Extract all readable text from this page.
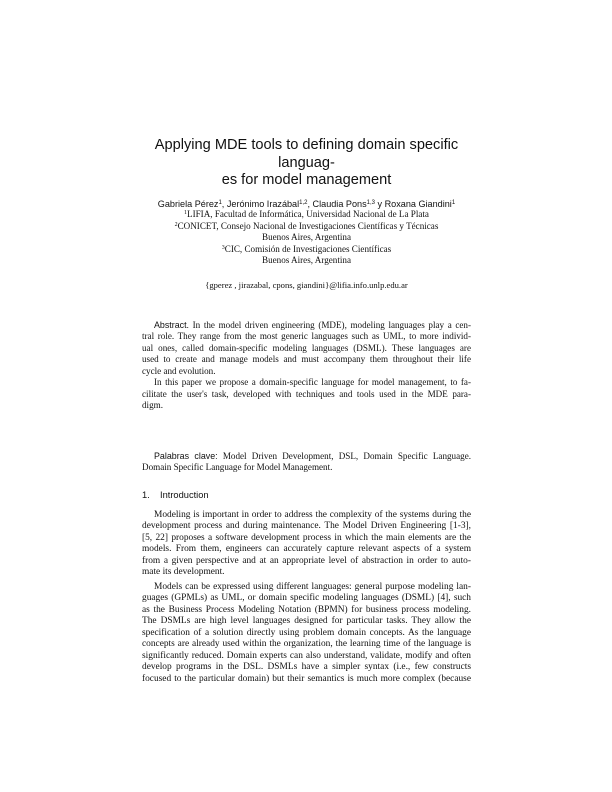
Applying MDE tools to defining domain specific languag-
es for model management
Gabriela Pérez$^1$, Jerónimo Irazábal$^{1,2}$, Claudia Pons$^{1,3}$ y Roxana Giandini$^1$
$^1$LIFIA, Facultad de Informática, Universidad Nacional de La Plata
$^2$CONICET, Consejo Nacional de Investigaciones Científicas y Técnicas
Buenos Aires, Argentina
$^3$CIC, Comisión de Investigaciones Científicas
Buenos Aires, Argentina
{gperez , jirazabal, cpons, giandini}@lifia.info.unlp.edu.ar

Abstract. In the model driven engineering (MDE), modeling languages play a cen-
tral role. They range from the most generic languages such as UML, to more individ-
ual ones, called domain-specific modeling languages (DSML). These languages are
used to create and manage models and must accompany them throughout their life
cycle and evolution.

In this paper we propose a domain-specific language for model management, to fa-
cilitate the user's task, developed with techniques and tools used in the MDE para-
digm.

Palabras clave: Model Driven Development, DSL, Domain Specific Language.
Domain Specific Language for Model Management.

1. Introduction

Modeling is important in order to address the complexity of the systems during the
development process and during maintenance. The Model Driven Engineering [1-3],
[5, 22] proposes a software development process in which the main elements are the
models. From them, engineers can accurately capture relevant aspects of a system
from a given perspective and at an appropriate level of abstraction in order to auto-
mate its development.

Models can be expressed using different languages: general purpose modeling lan-
guages (GPMLs) as UML, or domain specific modeling languages (DSML) [4], such
as the Business Process Modeling Notation (BPMN) for business process modeling.
The DSMLs are high level languages designed for particular tasks. They allow the
specification of a solution directly using problem domain concepts. As the language
concepts are already used within the organization, the learning time of the language is
significantly reduced. Domain experts can also understand, validate, modify and often
develop programs in the DSL. DSMLs have a simpler syntax (i.e., few constructs
focused to the particular domain) but their semantics is much more complex (because
